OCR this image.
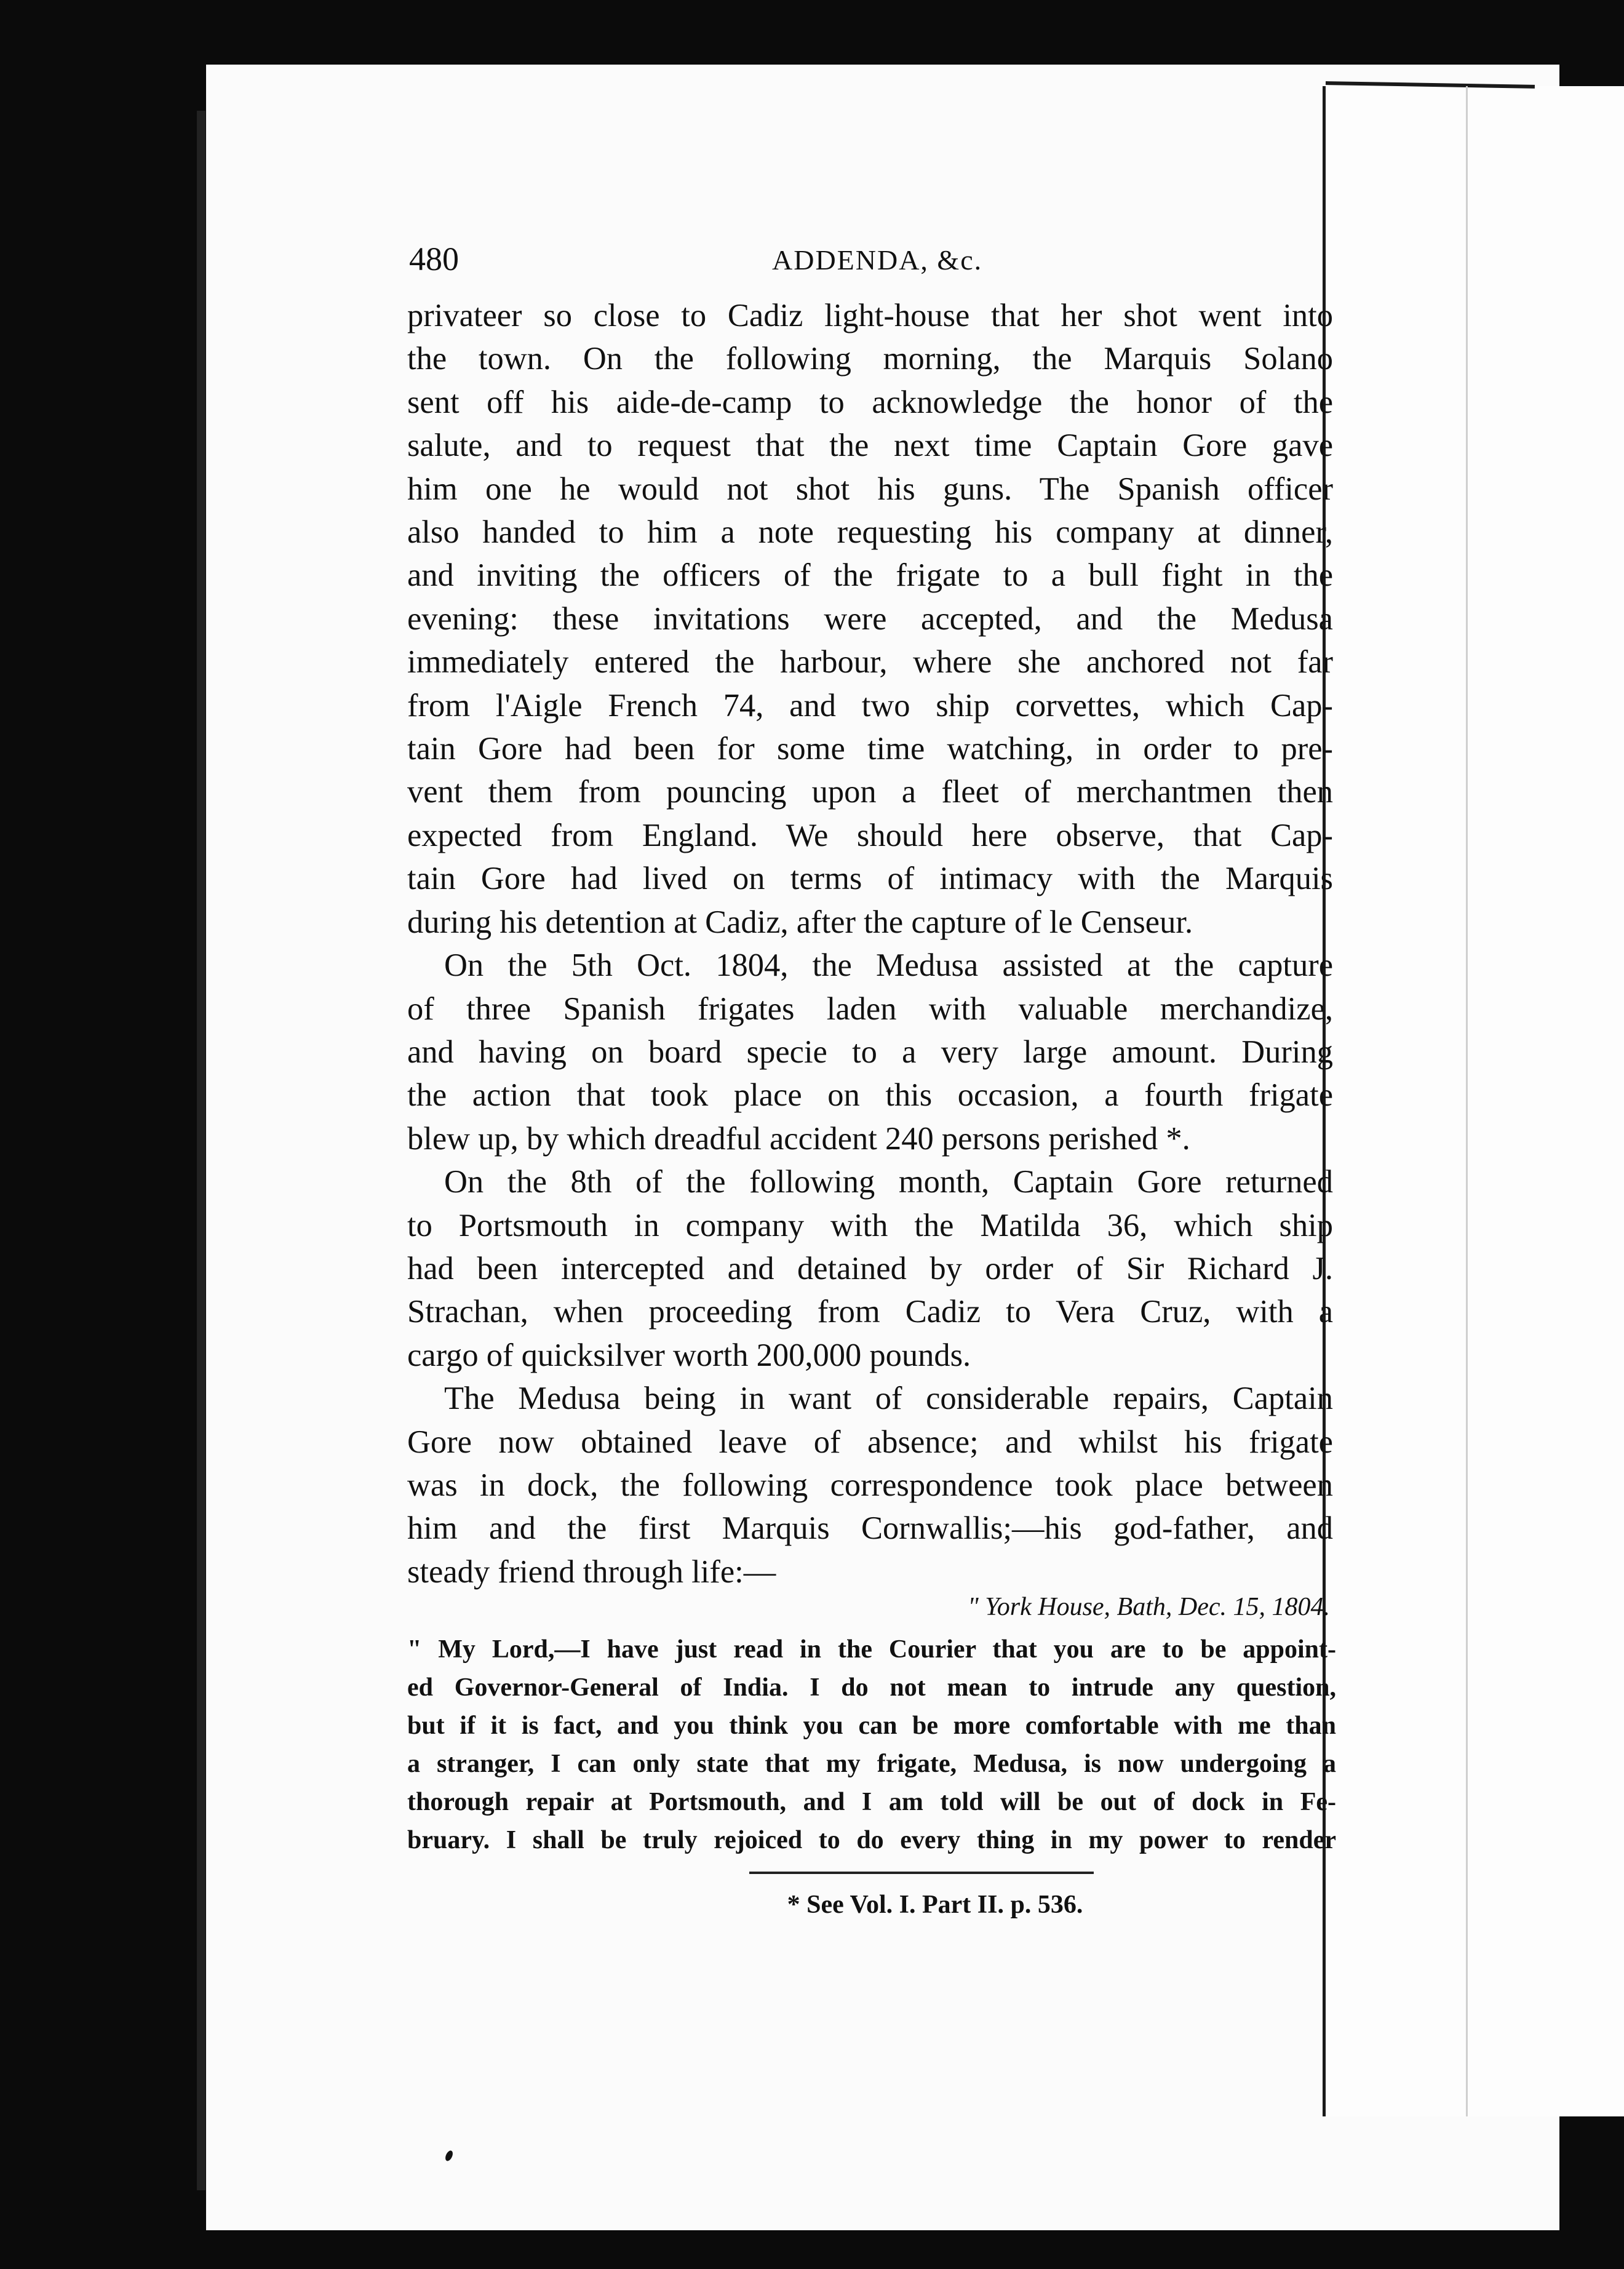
480	ADDENDA, &c.
privateer so close to Cadiz light-house that her shot went into
the town. On the following morning, the Marquis Solano
sent off his aide-de-camp to acknowledge the honor of the
salute, and to request that the next time Captain Gore gave
him one he would not shot his guns. The Spanish officer
also handed to him a note requesting his company at dinner,
and inviting the officers of the frigate to a bull fight in the
evening: these invitations were accepted, and the Medusa
immediately entered the harbour, where she anchored not far
from l'Aigle French 74, and two ship corvettes, which Cap-
tain Gore had been for some time watching, in order to pre-
vent them from pouncing upon a fleet of merchantmen then
expected from England. We should here observe, that Cap-
tain Gore had lived on terms of intimacy with the Marquis
during his detention at Cadiz, after the capture of le Censeur.
On the 5th Oct. 1804, the Medusa assisted at the capture
of three Spanish frigates laden with valuable merchandize,
and having on board specie to a very large amount. During
the action that took place on this occasion, a fourth frigate
blew up, by which dreadful accident 240 persons perished *.
On the 8th of the following month, Captain Gore returned
to Portsmouth in company with the Matilda 36, which ship
had been intercepted and detained by order of Sir Richard J.
Strachan, when proceeding from Cadiz to Vera Cruz, with a
cargo of quicksilver worth 200,000 pounds.
The Medusa being in want of considerable repairs, Captain
Gore now obtained leave of absence; and whilst his frigate
was in dock, the following correspondence took place between
him and the first Marquis Cornwallis;—his god-father, and
steady friend through life:—
" York House, Bath, Dec. 15, 1804.
" My Lord,—I have just read in the Courier that you are to be appoint-
ed Governor-General of India. I do not mean to intrude any question,
but if it is fact, and you think you can be more comfortable with me than
a stranger, I can only state that my frigate, Medusa, is now undergoing a
thorough repair at Portsmouth, and I am told will be out of dock in Fe-
bruary. I shall be truly rejoiced to do every thing in my power to render
* See Vol. I. Part II. p. 536.
